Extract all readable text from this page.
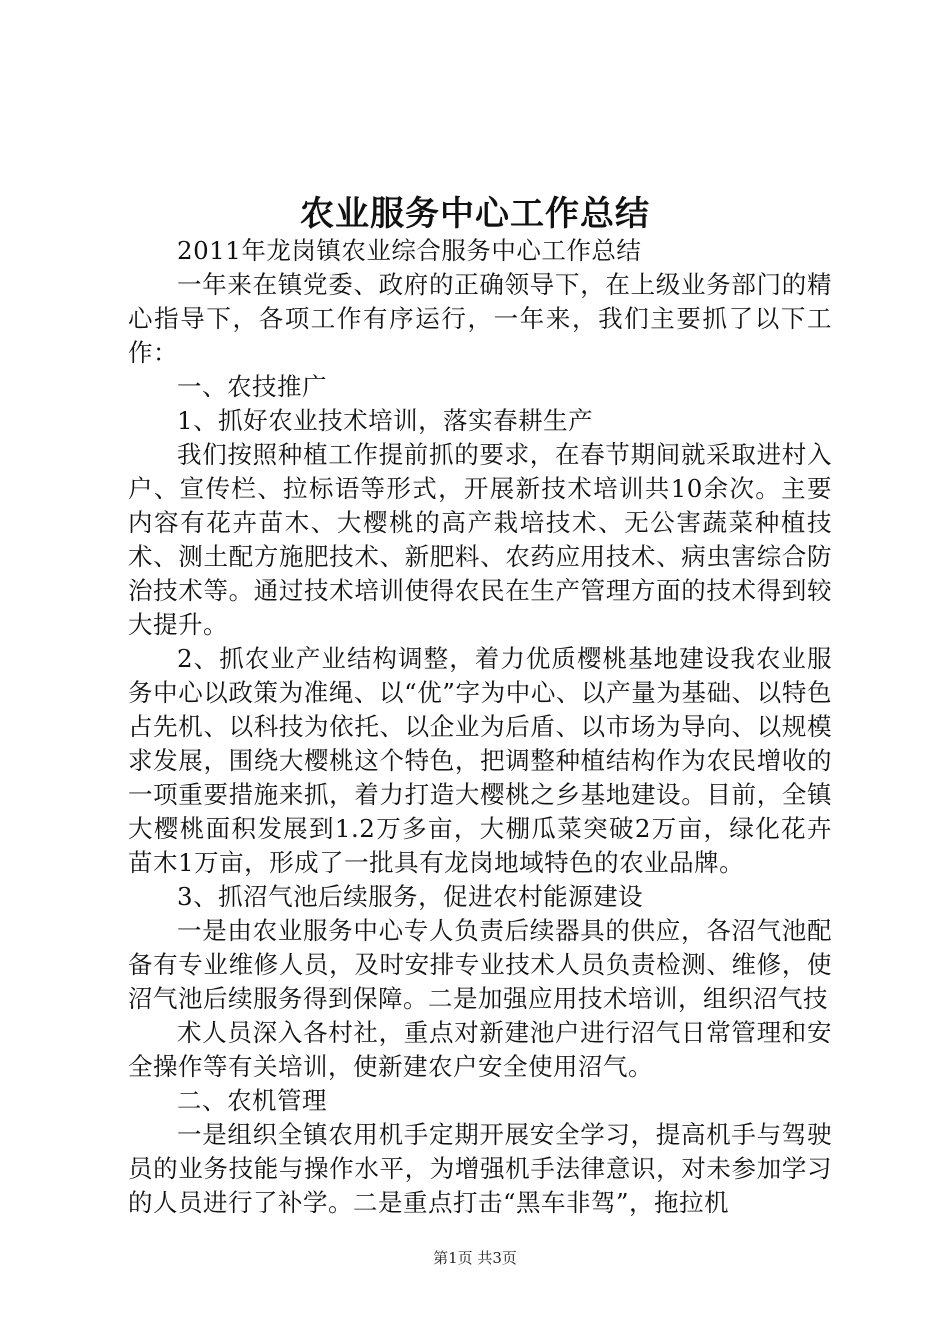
农业服务中心工作总结

2011年龙岗镇农业综合服务中心工作总结

一年来在镇党委、政府的正确领导下，在上级业务部门的精心指导下，各项工作有序运行，一年来，我们主要抓了以下工作：

一、农技推广

1、抓好农业技术培训，落实春耕生产

我们按照种植工作提前抓的要求，在春节期间就采取进村入户、宣传栏、拉标语等形式，开展新技术培训共10余次。主要内容有花卉苗木、大樱桃的高产栽培技术、无公害蔬菜种植技术、测土配方施肥技术、新肥料、农药应用技术、病虫害综合防治技术等。通过技术培训使得农民在生产管理方面的技术得到较大提升。

2、抓农业产业结构调整，着力优质樱桃基地建设我农业服务中心以政策为准绳、以“优”字为中心、以产量为基础、以特色占先机、以科技为依托、以企业为后盾、以市场为导向、以规模求发展，围绕大樱桃这个特色，把调整种植结构作为农民增收的一项重要措施来抓，着力打造大樱桃之乡基地建设。目前，全镇大樱桃面积发展到1.2万多亩，大棚瓜菜突破2万亩，绿化花卉苗木1万亩，形成了一批具有龙岗地域特色的农业品牌。

3、抓沼气池后续服务，促进农村能源建设

一是由农业服务中心专人负责后续器具的供应，各沼气池配备有专业维修人员，及时安排专业技术人员负责检测、维修，使沼气池后续服务得到保障。二是加强应用技术培训，组织沼气技

术人员深入各村社，重点对新建池户进行沼气日常管理和安全操作等有关培训，使新建农户安全使用沼气。

二、农机管理

一是组织全镇农用机手定期开展安全学习，提高机手与驾驶员的业务技能与操作水平，为增强机手法律意识，对未参加学习的人员进行了补学。二是重点打击“黑车非驾”，拖拉机

第1页 共3页
